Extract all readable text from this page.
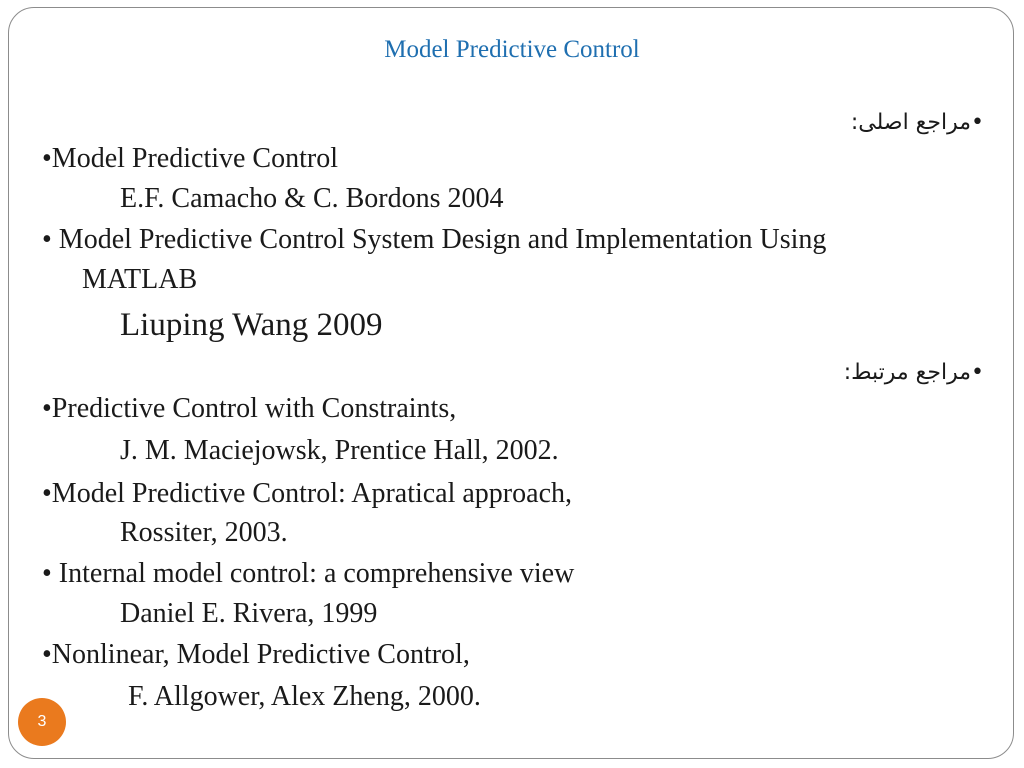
Model Predictive Control
•مراجع اصلی:
•Model Predictive Control
E.F. Camacho & C. Bordons 2004
• Model Predictive Control System Design and Implementation Using
MATLAB
Liuping Wang 2009
•مراجع مرتبط:
•Predictive Control with Constraints,
J. M. Maciejowsk, Prentice Hall, 2002.
•Model Predictive Control: Apratical approach,
Rossiter, 2003.
• Internal model control: a comprehensive view
Daniel E. Rivera, 1999
•Nonlinear, Model Predictive Control,
F. Allgower, Alex Zheng, 2000.
3
